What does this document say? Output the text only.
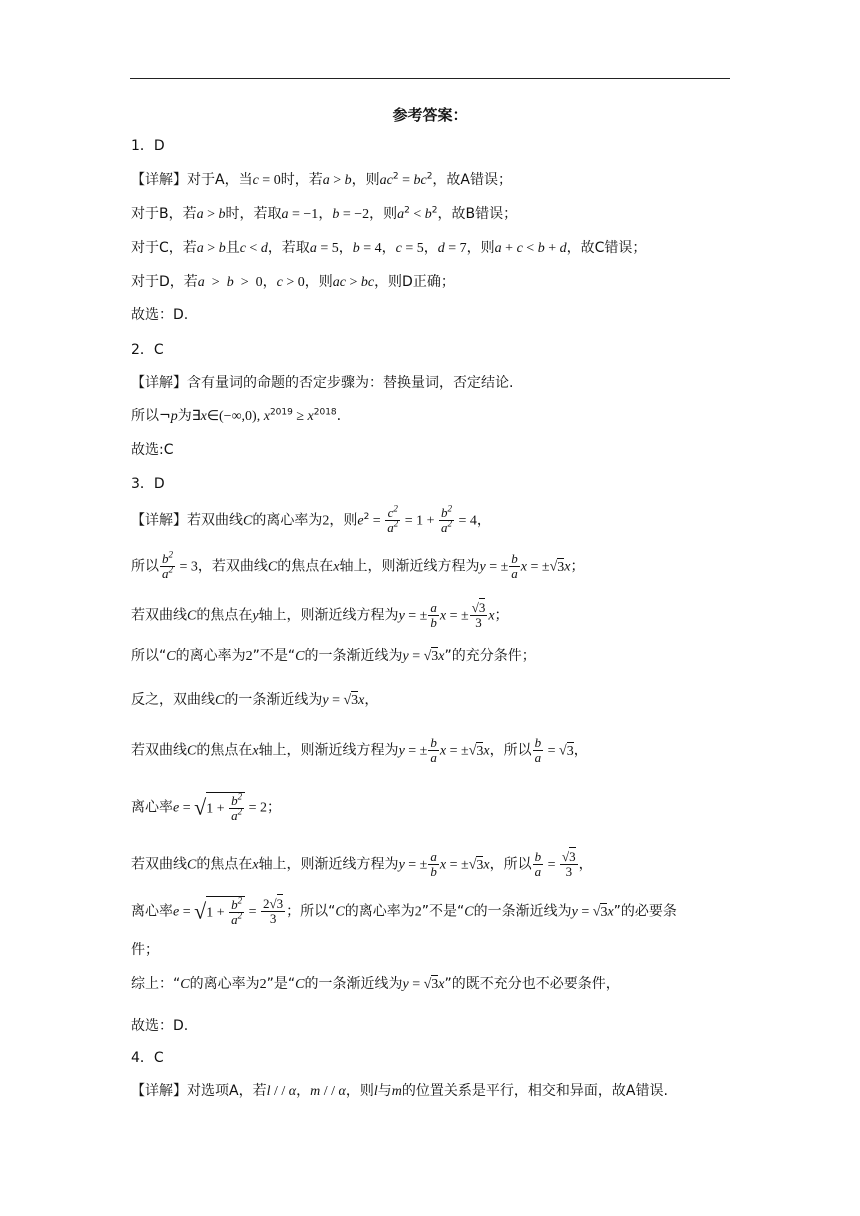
参考答案：
1．D
【详解】对于A，当c = 0时，若a > b，则$ac^2 = bc^2$，故A错误；
对于B，若a > b时，若取a = −1，b = −2，则$a^2 < b^2$，故B错误；
对于C，若a > b且c < d，若取a = 5，b = 4，c = 5，d = 7，则a + c < b + d，故C错误；
对于D，若a  >  b  >  0，c > 0，则ac > bc，则D正确；
故选：D.
2．C
【详解】含有量词的命题的否定步骤为：替换量词，否定结论.
所以¬p为∃x∈(−∞,0), $x^{2019} \ge x^{2018}$.
故选:C
3．D
【详解】若双曲线C的离心率为2，则$e^2 = \frac{c^2}{a^2} = 1 + \frac{b^2}{a^2} = 4$，
所以 $\frac{b^2}{a^2} = 3$，若双曲线C的焦点在x轴上，则渐近线方程为y = ± $\frac{b}{a}$ x = ±√3x；
若双曲线C的焦点在y轴上，则渐近线方程为y = ± $\frac{a}{b}$ x = ± $\frac{√3}{3}$ x；
所以“C的离心率为2”不是“C的一条渐近线为y = √3x”的充分条件；
反之，双曲线C的一条渐近线为y = √3x，
若双曲线C的焦点在x轴上，则渐近线方程为y = ± $\frac{b}{a}$ x = ±√3x，所以 $\frac{b}{a} = √3$，
离心率$e = √1 + \frac{b^2}{a^2} = 2$；
若双曲线C的焦点在x轴上，则渐近线方程为y = ± $\frac{a}{b}$ x = ±√3x，所以 $\frac{b}{a} = \frac{√3}{3}$ ，
离心率$e = √1 + \frac{b^2}{a^2} = \frac{2√3}{3}$ ；所以“C的离心率为2”不是“C的一条渐近线为y = √3x”的必要条
件；
综上：“C的离心率为2”是“C的一条渐近线为y = √3x”的既不充分也不必要条件，
故选：D.
4．C
【详解】对选项A，若l / / α，m / / α，则l与m的位置关系是平行，相交和异面，故A错误.
